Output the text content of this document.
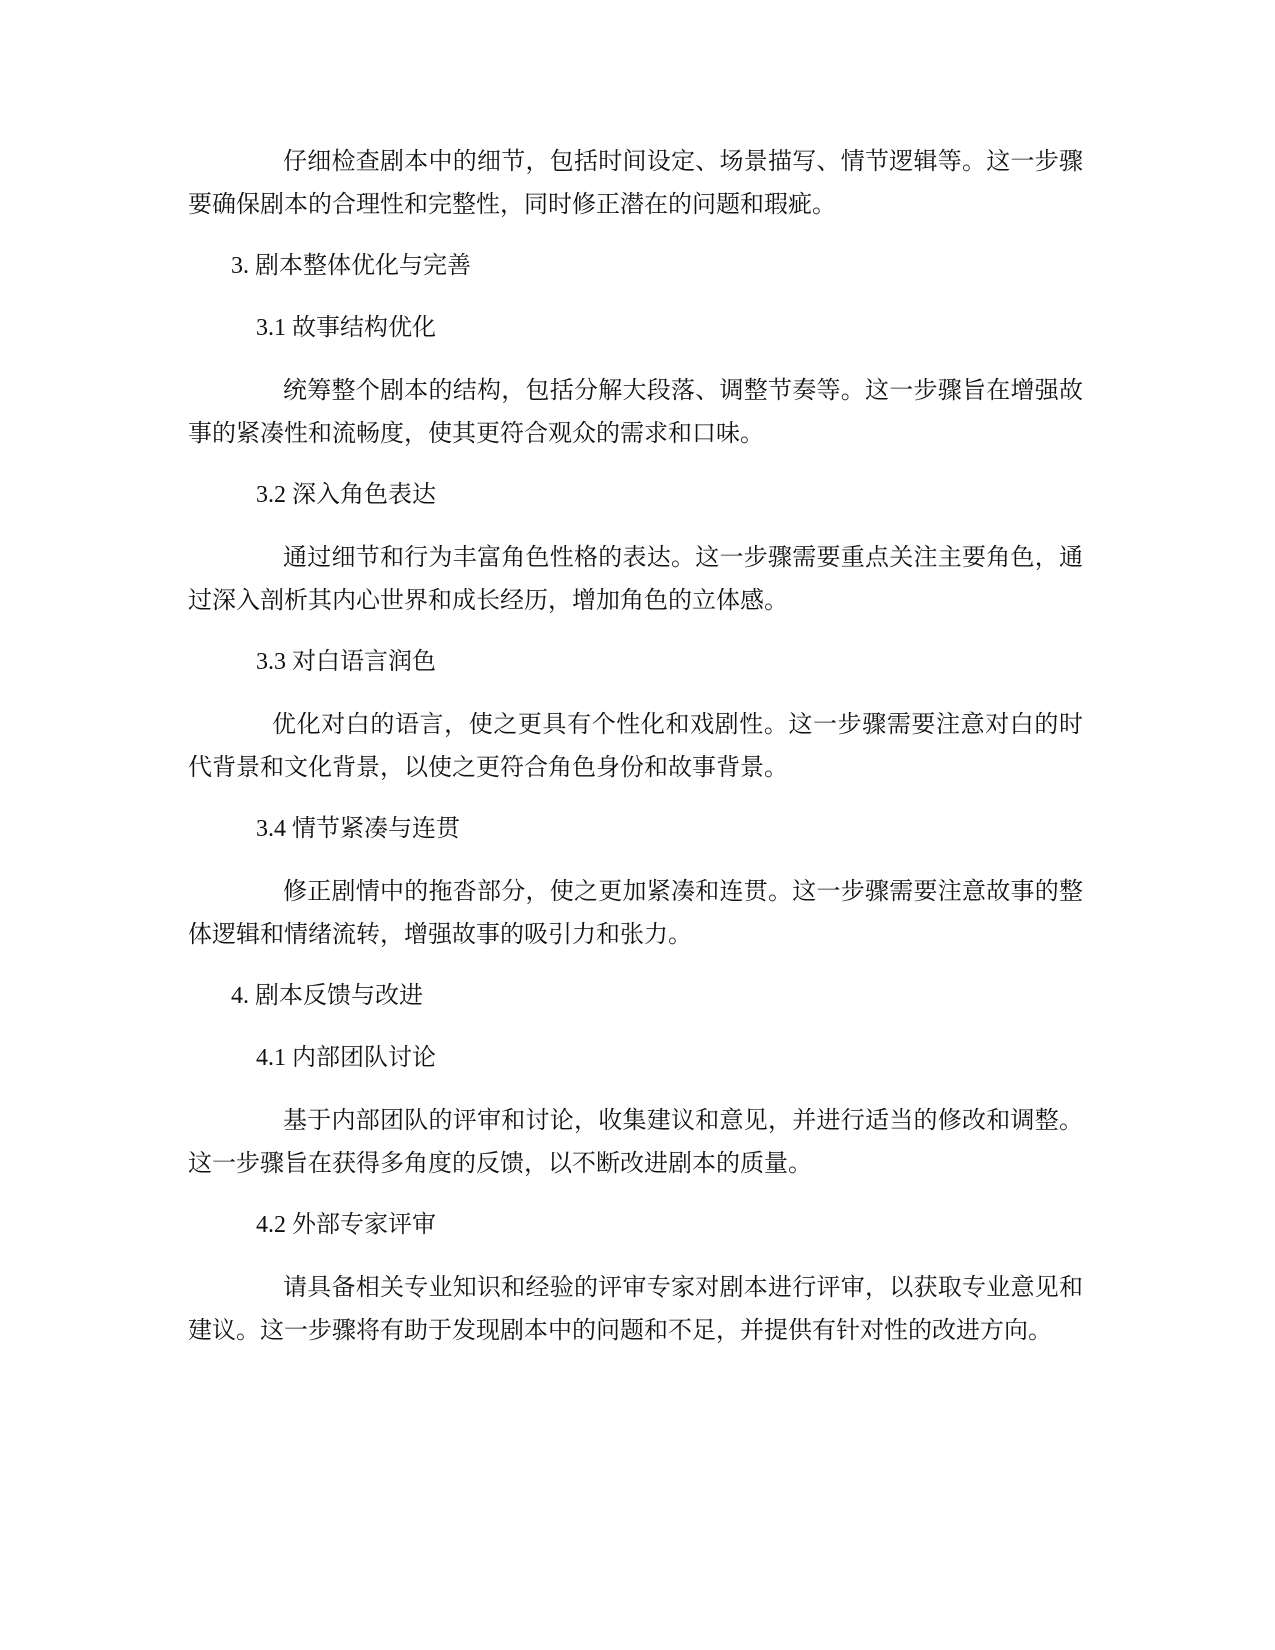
仔细检查剧本中的细节，包括时间设定、场景描写、情节逻辑等。这一步骤要确保剧本的合理性和完整性，同时修正潜在的问题和瑕疵。

3. 剧本整体优化与完善
3.1 故事结构优化

统筹整个剧本的结构，包括分解大段落、调整节奏等。这一步骤旨在增强故事的紧凑性和流畅度，使其更符合观众的需求和口味。

3.2 深入角色表达

通过细节和行为丰富角色性格的表达。这一步骤需要重点关注主要角色，通过深入剖析其内心世界和成长经历，增加角色的立体感。

3.3 对白语言润色

优化对白的语言，使之更具有个性化和戏剧性。这一步骤需要注意对白的时代背景和文化背景，以使之更符合角色身份和故事背景。

3.4 情节紧凑与连贯

修正剧情中的拖沓部分，使之更加紧凑和连贯。这一步骤需要注意故事的整体逻辑和情绪流转，增强故事的吸引力和张力。

4. 剧本反馈与改进
4.1 内部团队讨论

基于内部团队的评审和讨论，收集建议和意见，并进行适当的修改和调整。这一步骤旨在获得多角度的反馈，以不断改进剧本的质量。

4.2 外部专家评审

请具备相关专业知识和经验的评审专家对剧本进行评审，以获取专业意见和建议。这一步骤将有助于发现剧本中的问题和不足，并提供有针对性的改进方向。
